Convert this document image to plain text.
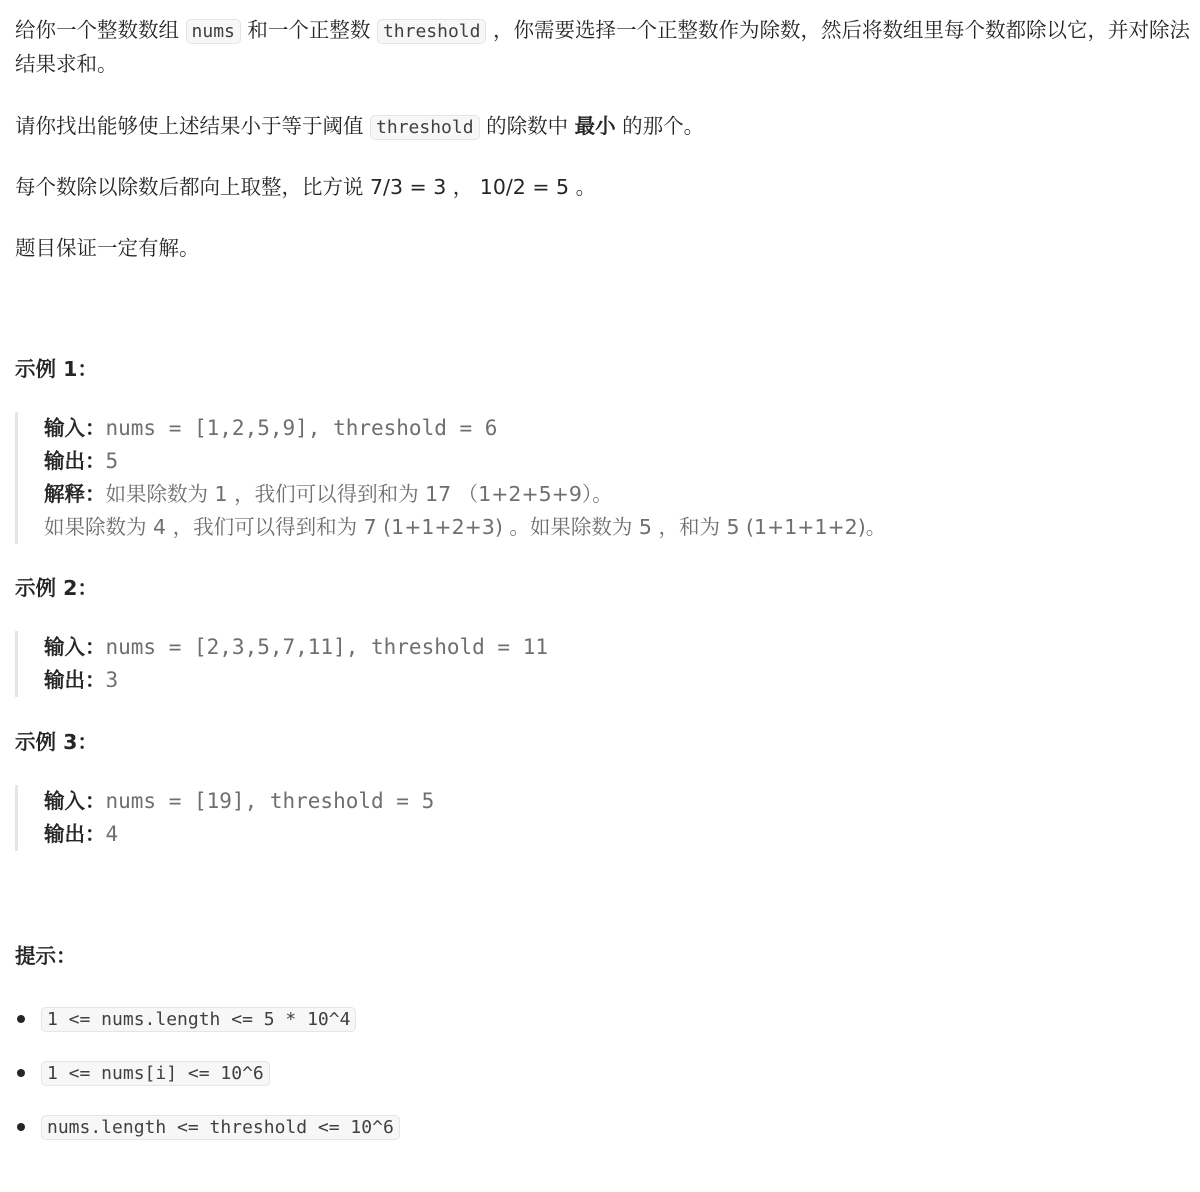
给你一个整数数组 nums 和一个正整数 threshold ，你需要选择一个正整数作为除数，然后将数组里每个数都除以它，并对除法结果求和。

请你找出能够使上述结果小于等于阈值 threshold 的除数中 最小 的那个。

每个数除以除数后都向上取整，比方说 7/3 = 3 ， 10/2 = 5 。

题目保证一定有解。

示例 1：
输入：nums = [1,2,5,9], threshold = 6
输出：5
解释：如果除数为 1 ，我们可以得到和为 17 （1+2+5+9）。
如果除数为 4 ，我们可以得到和为 7 (1+1+2+3) 。如果除数为 5 ，和为 5 (1+1+1+2)。
示例 2：
输入：nums = [2,3,5,7,11], threshold = 11
输出：3
示例 3：
输入：nums = [19], threshold = 5
输出：4
提示：
1 <= nums.length <= 5 * 10^4
1 <= nums[i] <= 10^6
nums.length <= threshold <= 10^6
